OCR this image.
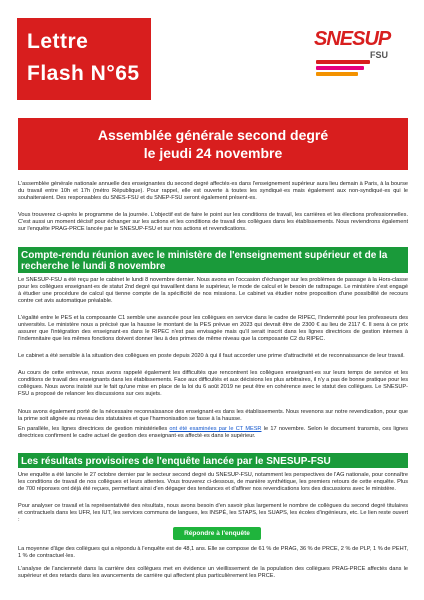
Lettre
Flash N°65
SNESUP
FSU
Assemblée générale second degré
le jeudi 24 novembre
L'assemblée générale nationale annuelle des enseignantes du second degré affectés·es dans l'enseignement supérieur aura lieu demain à Paris, à la bourse du travail entre 10h et 17h (métro République). Pour rappel, elle est ouverte à toutes les syndiqué·es mais également aux non-syndiqué·es qui le souhaiteraient. Des responsables du SNES-FSU et du SNEP-FSU seront également présent·es.
Vous trouverez ci-après le programme de la journée. L'objectif est de faire le point sur les conditions de travail, les carrières et les élections professionnelles. C'est aussi un moment décisif pour échanger sur les actions et les conditions de travail des collègues dans les établissements. Nous reviendrons également sur l'enquête PRAG-PRCE lancée par le SNESUP-FSU et sur nos actions et revendications.
Compte-rendu réunion avec le ministère de l'enseignement supérieur et de la recherche le lundi 8 novembre
Le SNESUP-FSU a été reçu par le cabinet le lundi 8 novembre dernier. Nous avons en l'occasion d'échanger sur les problèmes de passage à la Hors-classe pour les collègues enseignant·es de statut 2nd degré qui travaillent dans le supérieur, le mode de calcul et le besoin de rattrapage. Le ministère s'est engagé à étudier une procédure de calcul qui tienne compte de la spécificité de nos missions. Le cabinet va étudier notre proposition d'une possibilité de recours contre cet avis automatique préalable.
L'égalité entre le PES et la composante C1 semble une avancée pour les collègues en service dans le cadre de RIPEC, l'indemnité pour les professeurs des universités. Le ministère nous a précisé que la hausse le montant de la PES prévue en 2023 qui devrait être de 2300 € au lieu de 2117 €. Il sera à ce prix assurer que l'intégration des enseignant·es dans le RIPEC n'est pas envisagée mais qu'il serait inscrit dans les lignes directrices de gestion internes à l'indemnitaire que les mêmes fonctions doivent donner lieu à des primes de même niveau que la composante C2 du RIPEC.
Le cabinet a été sensible à la situation des collègues en poste depuis 2020 à qui il faut accorder une prime d'attractivité et de reconnaissance de leur travail.
Au cours de cette entrevue, nous avons rappelé également les difficultés que rencontrent les collègues enseignant·es sur leurs temps de service et les conditions de travail des enseignants dans les établissements. Face aux difficultés et aux décisions les plus arbitraires, il n'y a pas de bonne pratique pour les collègues. Nous avons insisté sur le fait qu'une mise en place de la loi du 6 août 2019 ne peut être en cohérence avec le statut des collègues. Le SNESUP-FSU a proposé de relancer les discussions sur ces sujets.
Nous avons également porté de la nécessaire reconnaissance des enseignant·es dans les établissements. Nous revenons sur notre revendication, pour que la prime soit alignée au niveau des statutaires et que l'harmonisation se fasse à la hausse.
En parallèle, les lignes directrices de gestion ministérielles ont été examinées par le CT MESR le 17 novembre. Selon le document transmis, ces lignes directrices confirment le cadre actuel de gestion des enseignant·es affecté·es dans le supérieur.
Les résultats provisoires de l'enquête lancée par le SNESUP-FSU
Une enquête a été lancée le 27 octobre dernier par le secteur second degré du SNESUP-FSU, notamment les perspectives de l'AG nationale, pour connaître les conditions de travail de nos collègues et leurs attentes. Vous trouverez ci-dessous, de manière synthétique, les premiers retours de cette enquête. Plus de 700 réponses ont déjà été reçues, permettant ainsi d'en dégager des tendances et d'affiner nos revendications lors des discussions avec le ministère.
Pour analyser ce travail et la représentativité des résultats, nous avons besoin d'en savoir plus largement le nombre de collègues du second degré titulaires et contractuels dans les UFR, les IUT, les services communs de langues, les INSPÉ, les STAPS, les SUAPS, les écoles d'ingénieurs, etc. Le lien reste ouvert :
Répondre à l'enquête
La moyenne d'âge des collègues qui a répondu à l'enquête est de 48,1 ans. Elle se compose de 61 % de PRAG, 36 % de PRCE, 2 % de PLP, 1 % de PEHT, 1 % de contractuel·les.
L'analyse de l'ancienneté dans la carrière des collègues met en évidence un vieillissement de la population des collègues PRAG-PRCE affectés dans le supérieur et des retards dans les avancements de carrière qui affectent plus particulièrement les PRCE.
